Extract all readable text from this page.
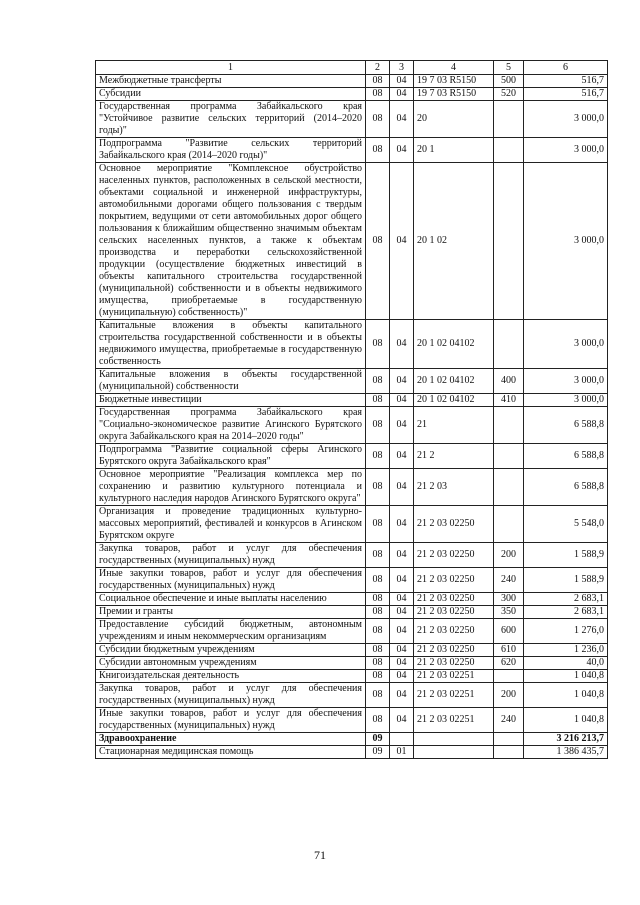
1	2	3	4	5	6
Межбюджетные трансферты	08	04	19 7 03 R5150	500	516,7
Субсидии	08	04	19 7 03 R5150	520	516,7
Государственная программа Забайкальского края "Устойчивое развитие сельских территорий (2014–2020 годы)"	08	04	20		3 000,0
Подпрограмма "Развитие сельских территорий Забайкальского края (2014–2020 годы)"	08	04	20 1		3 000,0
Основное мероприятие "Комплексное обустройство населенных пунктов, расположенных в сельской местности, объектами социальной и инженерной инфраструктуры, автомобильными дорогами общего пользования с твердым покрытием, ведущими от сети автомобильных дорог общего пользования к ближайшим общественно значимым объектам сельских населенных пунктов, а также к объектам производства и переработки сельскохозяйственной продукции (осуществление бюджетных инвестиций в объекты капитального строительства государственной (муниципальной) собственности и в объекты недвижимого имущества, приобретаемые в государственную (муниципальную) собственность)"	08	04	20 1 02		3 000,0
Капитальные вложения в объекты капитального строительства государственной собственности и в объекты недвижимого имущества, приобретаемые в государственную собственность	08	04	20 1 02 04102		3 000,0
Капитальные вложения в объекты государственной (муниципальной) собственности	08	04	20 1 02 04102	400	3 000,0
Бюджетные инвестиции	08	04	20 1 02 04102	410	3 000,0
Государственная программа Забайкальского края "Социально-экономическое развитие Агинского Бурятского округа Забайкальского края на 2014–2020 годы"	08	04	21		6 588,8
Подпрограмма "Развитие социальной сферы Агинского Бурятского округа Забайкальского края"	08	04	21 2		6 588,8
Основное мероприятие "Реализация комплекса мер по сохранению и развитию культурного потенциала и культурного наследия народов Агинского Бурятского округа"	08	04	21 2 03		6 588,8
Организация и проведение традиционных культурно-массовых мероприятий, фестивалей и конкурсов в Агинском Бурятском округе	08	04	21 2 03 02250		5 548,0
Закупка товаров, работ и услуг для обеспечения государственных (муниципальных) нужд	08	04	21 2 03 02250	200	1 588,9
Иные закупки товаров, работ и услуг для обеспечения государственных (муниципальных) нужд	08	04	21 2 03 02250	240	1 588,9
Социальное обеспечение и иные выплаты населению	08	04	21 2 03 02250	300	2 683,1
Премии и гранты	08	04	21 2 03 02250	350	2 683,1
Предоставление субсидий бюджетным, автономным учреждениям и иным некоммерческим организациям	08	04	21 2 03 02250	600	1 276,0
Субсидии бюджетным учреждениям	08	04	21 2 03 02250	610	1 236,0
Субсидии автономным учреждениям	08	04	21 2 03 02250	620	40,0
Книгоиздательская деятельность	08	04	21 2 03 02251		1 040,8
Закупка товаров, работ и услуг для обеспечения государственных (муниципальных) нужд	08	04	21 2 03 02251	200	1 040,8
Иные закупки товаров, работ и услуг для обеспечения государственных (муниципальных) нужд	08	04	21 2 03 02251	240	1 040,8
Здравоохранение	09				3 216 213,7
Стационарная медицинская помощь	09	01			1 386 435,7
71
